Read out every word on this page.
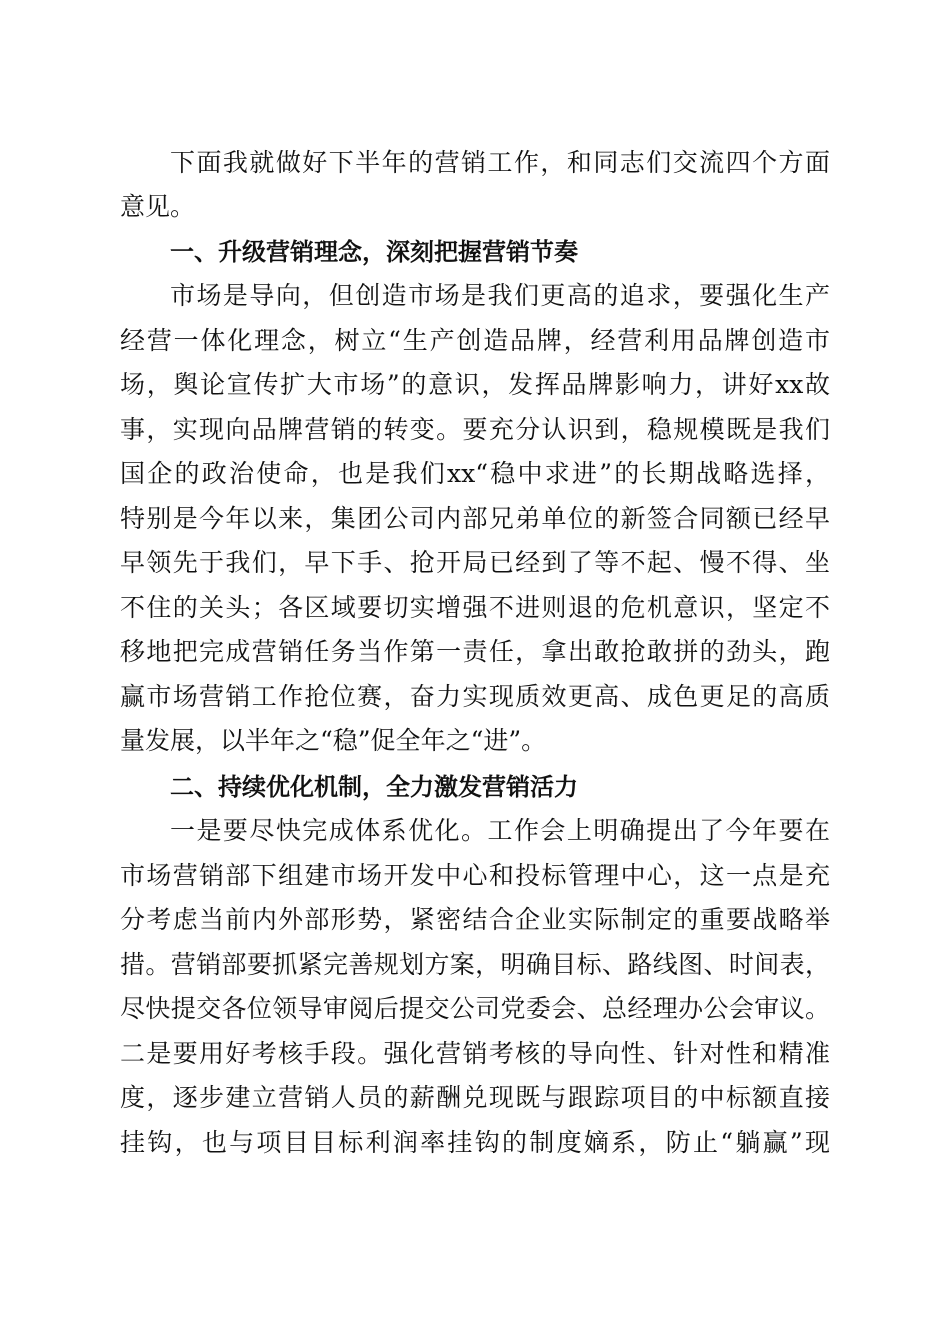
下面我就做好下半年的营销工作，和同志们交流四个方面

意见。

一、升级营销理念，深刻把握营销节奏

市场是导向，但创造市场是我们更高的追求，要强化生产

经营一体化理念，树立“生产创造品牌，经营利用品牌创造市

场，舆论宣传扩大市场”的意识，发挥品牌影响力，讲好xx故

事，实现向品牌营销的转变。要充分认识到，稳规模既是我们

国企的政治使命，也是我们xx“稳中求进”的长期战略选择，

特别是今年以来，集团公司内部兄弟单位的新签合同额已经早

早领先于我们，早下手、抢开局已经到了等不起、慢不得、坐

不住的关头；各区域要切实增强不进则退的危机意识，坚定不

移地把完成营销任务当作第一责任，拿出敢抢敢拼的劲头，跑

赢市场营销工作抢位赛，奋力实现质效更高、成色更足的高质

量发展，以半年之“稳”促全年之“进”。

二、持续优化机制，全力激发营销活力

一是要尽快完成体系优化。工作会上明确提出了今年要在

市场营销部下组建市场开发中心和投标管理中心，这一点是充

分考虑当前内外部形势，紧密结合企业实际制定的重要战略举

措。营销部要抓紧完善规划方案，明确目标、路线图、时间表，

尽快提交各位领导审阅后提交公司党委会、总经理办公会审议。

二是要用好考核手段。强化营销考核的导向性、针对性和精准

度，逐步建立营销人员的薪酬兑现既与跟踪项目的中标额直接

挂钩，也与项目目标利润率挂钩的制度嫡系，防止“躺赢”现
